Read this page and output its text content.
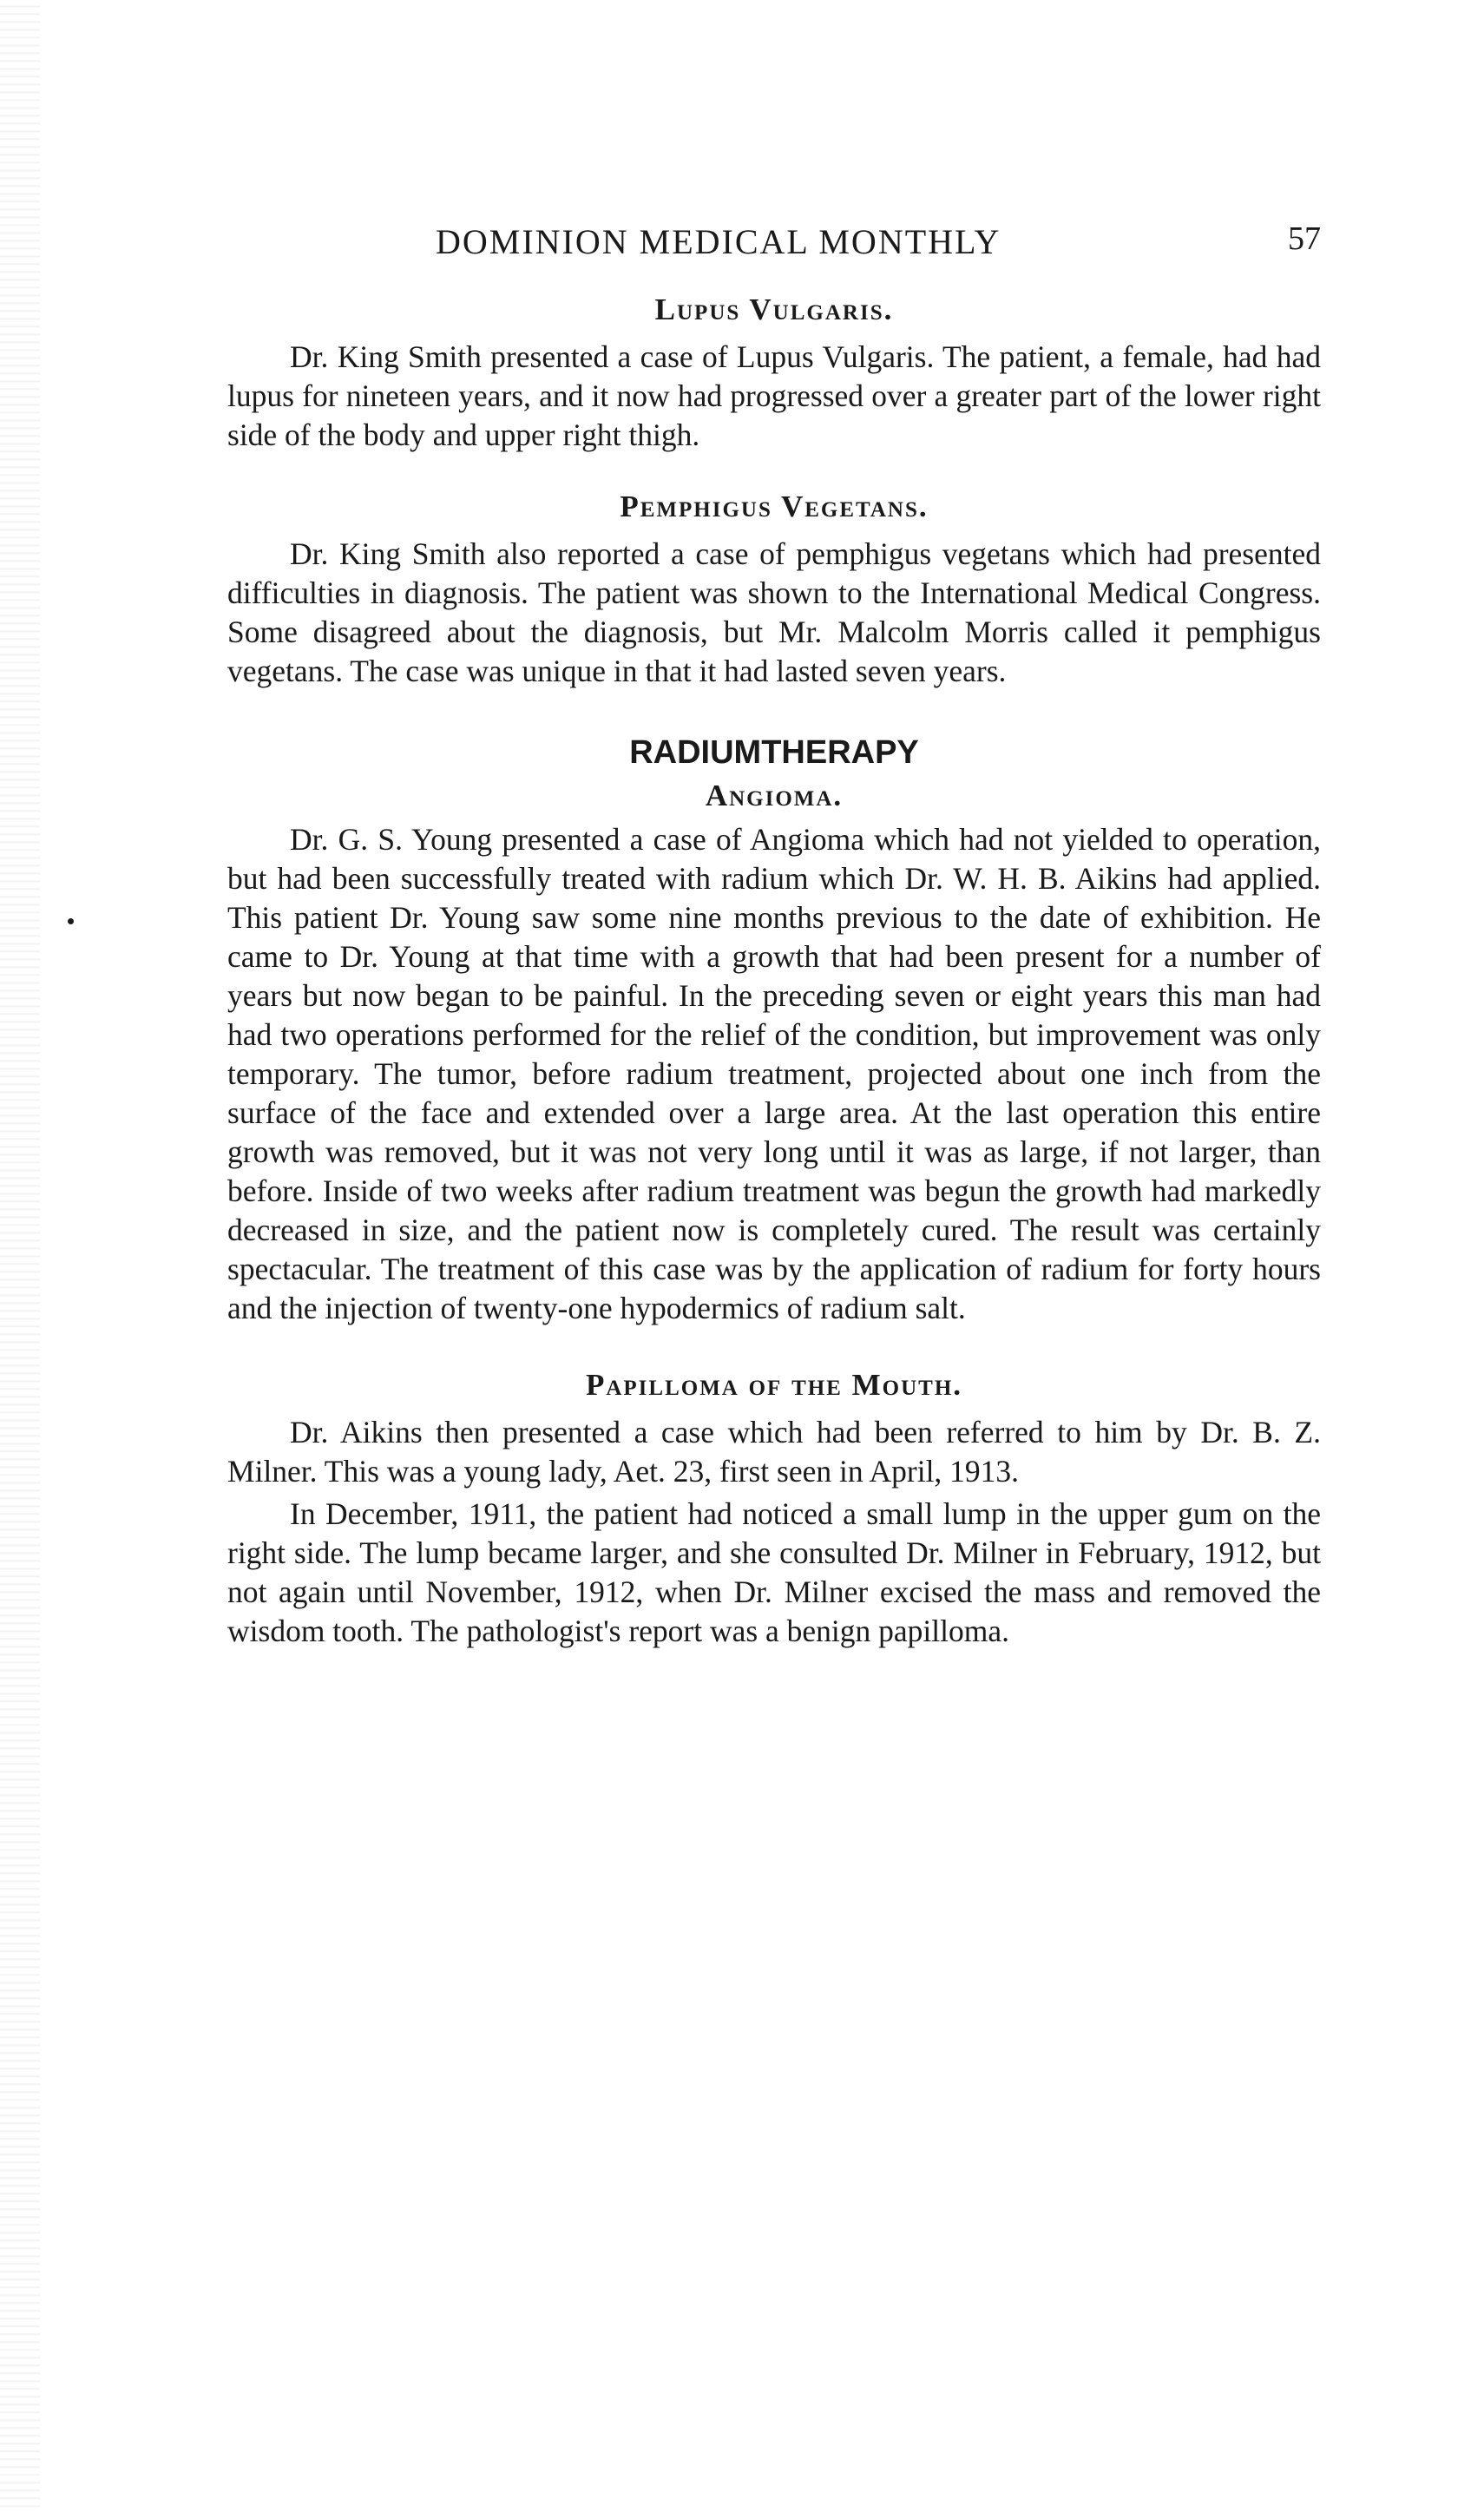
DOMINION MEDICAL MONTHLY	57
Lupus Vulgaris.

Dr. King Smith presented a case of Lupus Vulgaris. The patient, a female, had had lupus for nineteen years, and it now had progressed over a greater part of the lower right side of the body and upper right thigh.

Pemphigus Vegetans.

Dr. King Smith also reported a case of pemphigus vegetans which had presented difficulties in diagnosis. The patient was shown to the International Medical Congress. Some disagreed about the diagnosis, but Mr. Malcolm Morris called it pemphigus vegetans. The case was unique in that it had lasted seven years.

RADIUMTHERAPY
Angioma.

Dr. G. S. Young presented a case of Angioma which had not yielded to operation, but had been successfully treated with radium which Dr. W. H. B. Aikins had applied. This patient Dr. Young saw some nine months previous to the date of exhibition. He came to Dr. Young at that time with a growth that had been present for a number of years but now began to be painful. In the preceding seven or eight years this man had had two operations performed for the relief of the condition, but improvement was only temporary. The tumor, before radium treatment, projected about one inch from the surface of the face and extended over a large area. At the last operation this entire growth was removed, but it was not very long until it was as large, if not larger, than before. Inside of two weeks after radium treatment was begun the growth had markedly decreased in size, and the patient now is completely cured. The result was certainly spectacular. The treatment of this case was by the application of radium for forty hours and the injection of twenty-one hypodermics of radium salt.

Papilloma of the Mouth.

Dr. Aikins then presented a case which had been referred to him by Dr. B. Z. Milner. This was a young lady, Aet. 23, first seen in April, 1913.

In December, 1911, the patient had noticed a small lump in the upper gum on the right side. The lump became larger, and she consulted Dr. Milner in February, 1912, but not again until November, 1912, when Dr. Milner excised the mass and removed the wisdom tooth. The pathologist's report was a benign papilloma.
